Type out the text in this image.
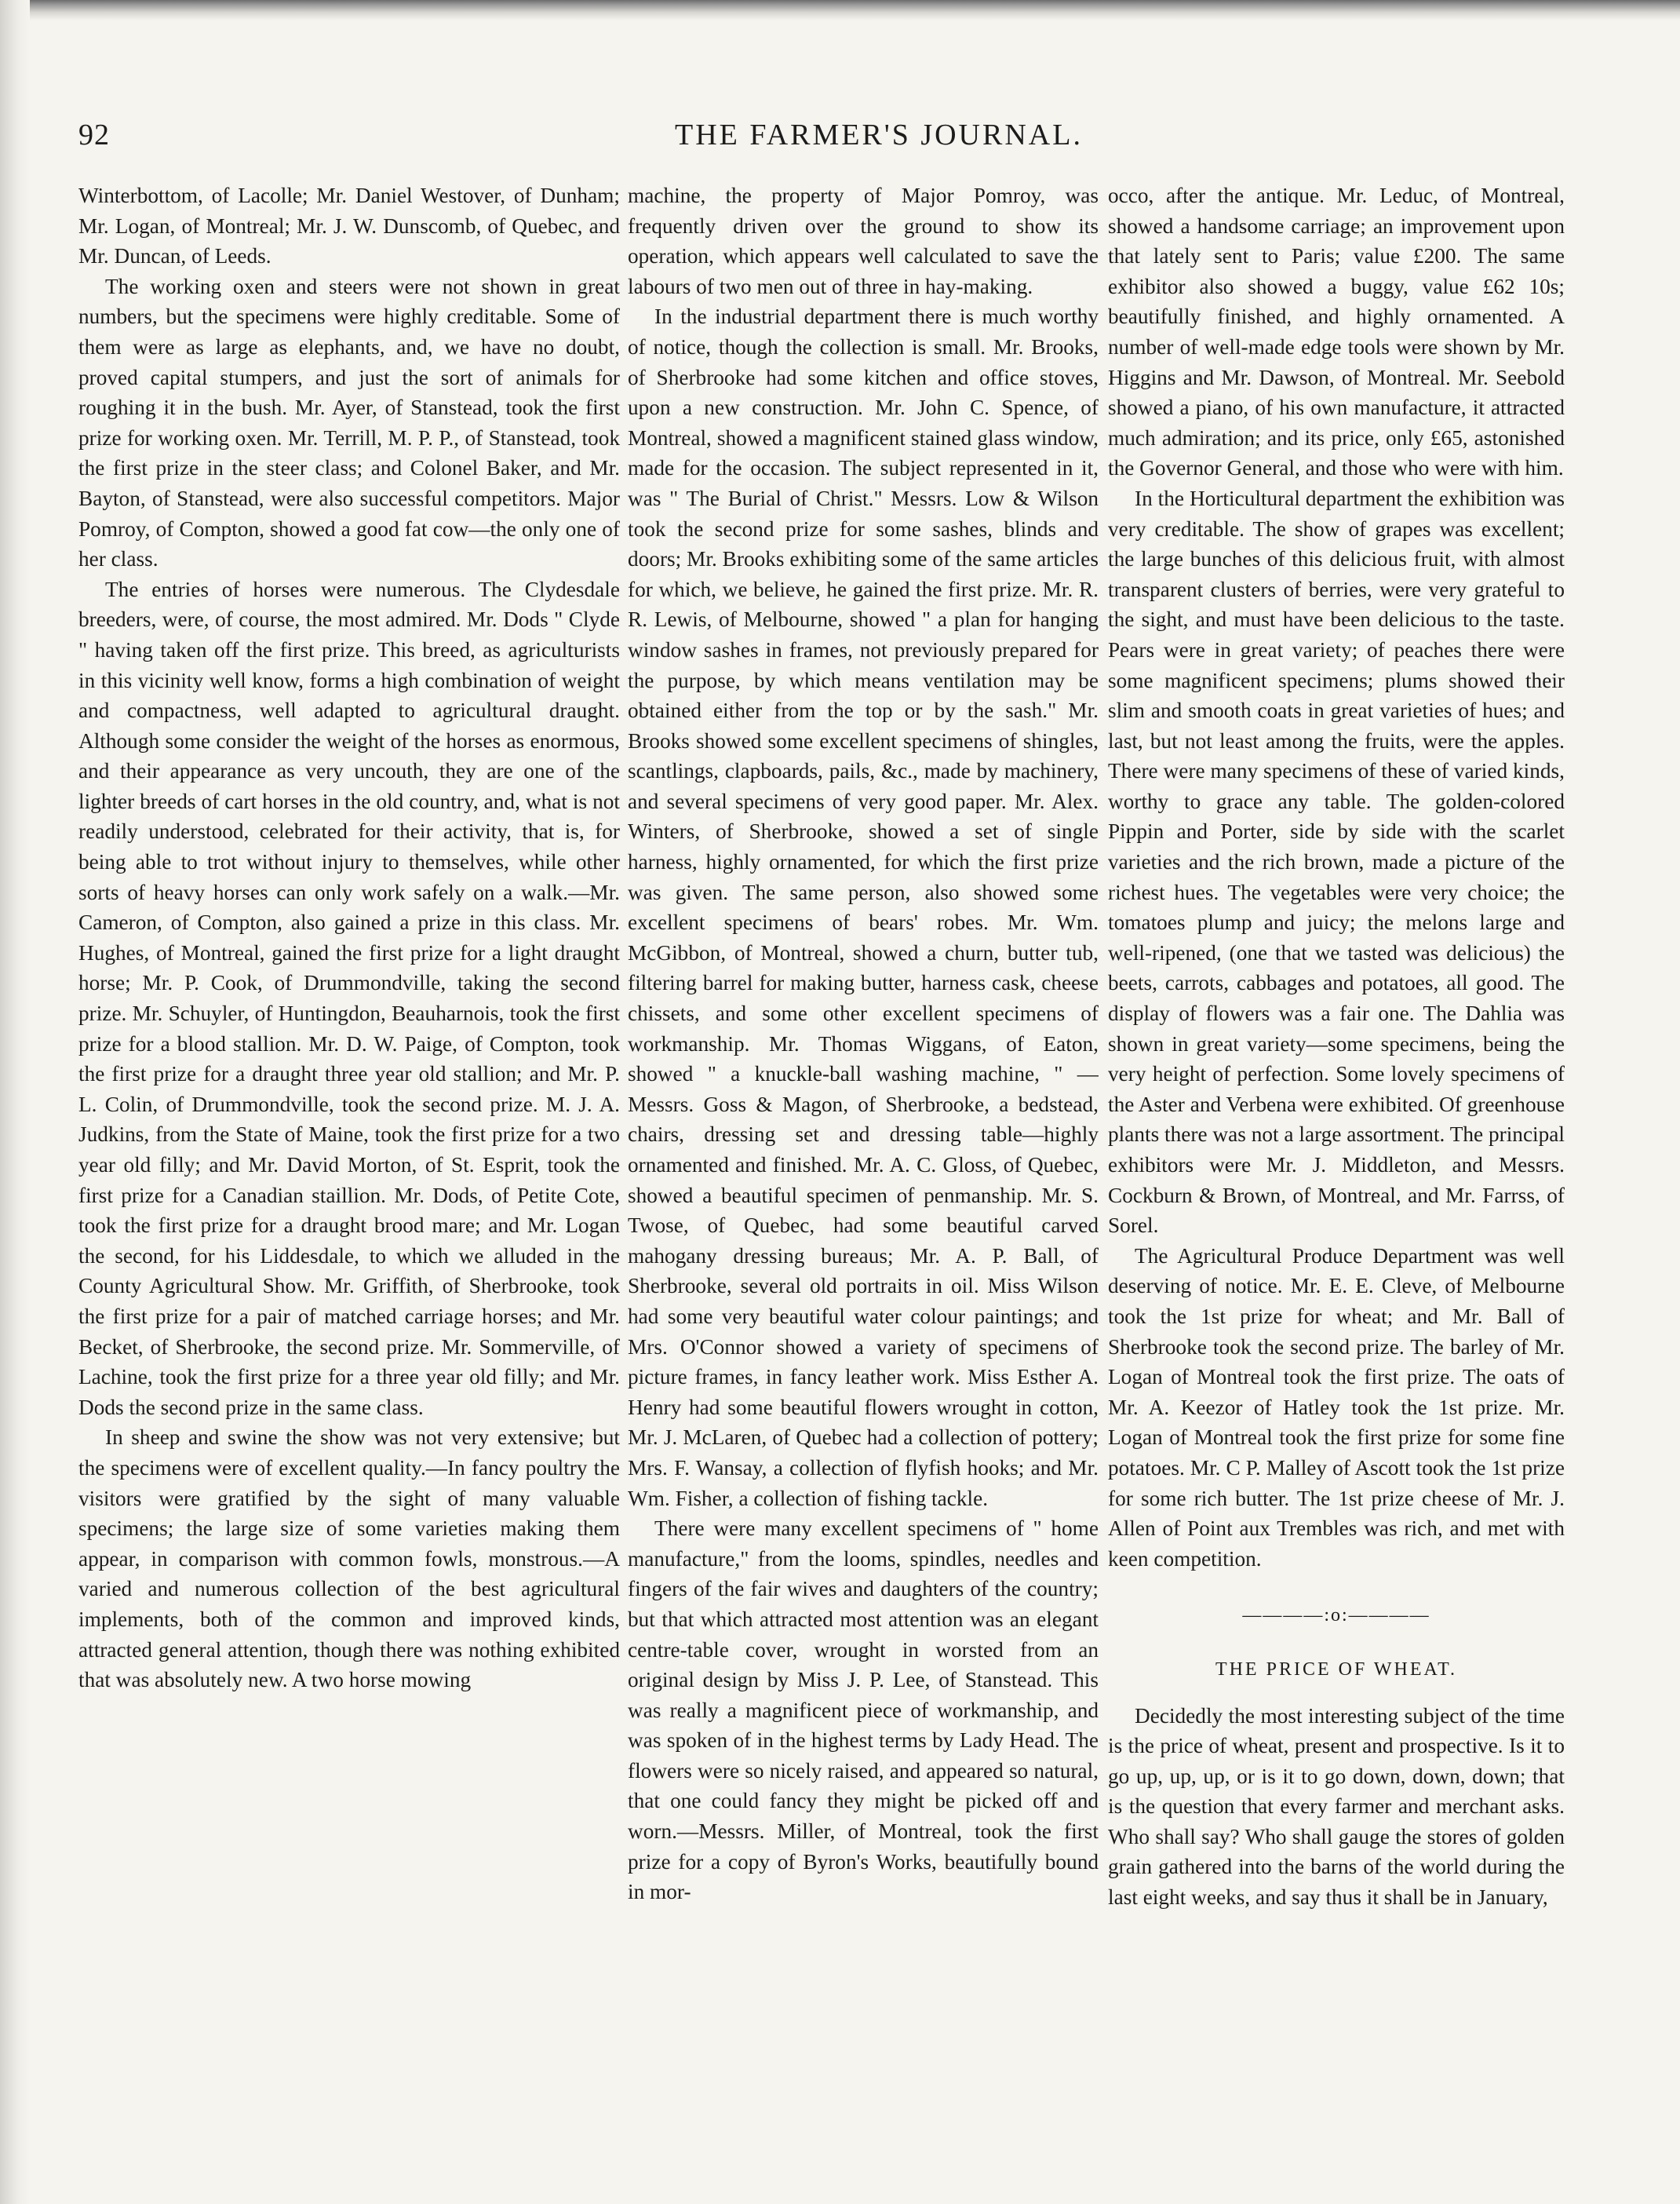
92	THE FARMER'S JOURNAL.

Winterbottom, of Lacolle; Mr. Daniel Westover, of Dunham; Mr. Logan, of Montreal; Mr. J. W. Dunscomb, of Quebec, and Mr. Duncan, of Leeds.

The working oxen and steers were not shown in great numbers, but the specimens were highly creditable. Some of them were as large as elephants, and, we have no doubt, proved capital stumpers, and just the sort of animals for roughing it in the bush. Mr. Ayer, of Stanstead, took the first prize for working oxen. Mr. Terrill, M. P. P., of Stanstead, took the first prize in the steer class; and Colonel Baker, and Mr. Bayton, of Stanstead, were also successful competitors. Major Pomroy, of Compton, showed a good fat cow—the only one of her class.

The entries of horses were numerous. The Clydesdale breeders, were, of course, the most admired. Mr. Dods " Clyde " having taken off the first prize. This breed, as agriculturists in this vicinity well know, forms a high combination of weight and compactness, well adapted to agricultural draught. Although some consider the weight of the horses as enormous, and their appearance as very uncouth, they are one of the lighter breeds of cart horses in the old country, and, what is not readily understood, celebrated for their activity, that is, for being able to trot without injury to themselves, while other sorts of heavy horses can only work safely on a walk.—Mr. Cameron, of Compton, also gained a prize in this class. Mr. Hughes, of Montreal, gained the first prize for a light draught horse; Mr. P. Cook, of Drummondville, taking the second prize. Mr. Schuyler, of Huntingdon, Beauharnois, took the first prize for a blood stallion. Mr. D. W. Paige, of Compton, took the first prize for a draught three year old stallion; and Mr. P. L. Colin, of Drummondville, took the second prize. M. J. A. Judkins, from the State of Maine, took the first prize for a two year old filly; and Mr. David Morton, of St. Esprit, took the first prize for a Canadian staillion. Mr. Dods, of Petite Cote, took the first prize for a draught brood mare; and Mr. Logan the second, for his Liddesdale, to which we alluded in the County Agricultural Show. Mr. Griffith, of Sherbrooke, took the first prize for a pair of matched carriage horses; and Mr. Becket, of Sherbrooke, the second prize. Mr. Sommerville, of Lachine, took the first prize for a three year old filly; and Mr. Dods the second prize in the same class.

In sheep and swine the show was not very extensive; but the specimens were of excellent quality.—In fancy poultry the visitors were gratified by the sight of many valuable specimens; the large size of some varieties making them appear, in comparison with common fowls, monstrous.—A varied and numerous collection of the best agricultural implements, both of the common and improved kinds, attracted general attention, though there was nothing exhibited that was absolutely new. A two horse mowing

machine, the property of Major Pomroy, was frequently driven over the ground to show its operation, which appears well calculated to save the labours of two men out of three in hay-making.

In the industrial department there is much worthy of notice, though the collection is small. Mr. Brooks, of Sherbrooke had some kitchen and office stoves, upon a new construction. Mr. John C. Spence, of Montreal, showed a magnificent stained glass window, made for the occasion. The subject represented in it, was " The Burial of Christ." Messrs. Low & Wilson took the second prize for some sashes, blinds and doors; Mr. Brooks exhibiting some of the same articles for which, we believe, he gained the first prize. Mr. R. R. Lewis, of Melbourne, showed " a plan for hanging window sashes in frames, not previously prepared for the purpose, by which means ventilation may be obtained either from the top or by the sash." Mr. Brooks showed some excellent specimens of shingles, scantlings, clapboards, pails, &c., made by machinery, and several specimens of very good paper. Mr. Alex. Winters, of Sherbrooke, showed a set of single harness, highly ornamented, for which the first prize was given. The same person, also showed some excellent specimens of bears' robes. Mr. Wm. McGibbon, of Montreal, showed a churn, butter tub, filtering barrel for making butter, harness cask, cheese chissets, and some other excellent specimens of workmanship. Mr. Thomas Wiggans, of Eaton, showed " a knuckle-ball washing machine, " — Messrs. Goss & Magon, of Sherbrooke, a bedstead, chairs, dressing set and dressing table—highly ornamented and finished. Mr. A. C. Gloss, of Quebec, showed a beautiful specimen of penmanship. Mr. S. Twose, of Quebec, had some beautiful carved mahogany dressing bureaus; Mr. A. P. Ball, of Sherbrooke, several old portraits in oil. Miss Wilson had some very beautiful water colour paintings; and Mrs. O'Connor showed a variety of specimens of picture frames, in fancy leather work. Miss Esther A. Henry had some beautiful flowers wrought in cotton, Mr. J. McLaren, of Quebec had a collection of pottery; Mrs. F. Wansay, a collection of flyfish hooks; and Mr. Wm. Fisher, a collection of fishing tackle.

There were many excellent specimens of " home manufacture," from the looms, spindles, needles and fingers of the fair wives and daughters of the country; but that which attracted most attention was an elegant centre-table cover, wrought in worsted from an original design by Miss J. P. Lee, of Stanstead. This was really a magnificent piece of workmanship, and was spoken of in the highest terms by Lady Head. The flowers were so nicely raised, and appeared so natural, that one could fancy they might be picked off and worn.—Messrs. Miller, of Montreal, took the first prize for a copy of Byron's Works, beautifully bound in mor-

occo, after the antique. Mr. Leduc, of Montreal, showed a handsome carriage; an improvement upon that lately sent to Paris; value £200. The same exhibitor also showed a buggy, value £62 10s; beautifully finished, and highly ornamented. A number of well-made edge tools were shown by Mr. Higgins and Mr. Dawson, of Montreal. Mr. Seebold showed a piano, of his own manufacture, it attracted much admiration; and its price, only £65, astonished the Governor General, and those who were with him.

In the Horticultural department the exhibition was very creditable. The show of grapes was excellent; the large bunches of this delicious fruit, with almost transparent clusters of berries, were very grateful to the sight, and must have been delicious to the taste. Pears were in great variety; of peaches there were some magnificent specimens; plums showed their slim and smooth coats in great varieties of hues; and last, but not least among the fruits, were the apples. There were many specimens of these of varied kinds, worthy to grace any table. The golden-colored Pippin and Porter, side by side with the scarlet varieties and the rich brown, made a picture of the richest hues. The vegetables were very choice; the tomatoes plump and juicy; the melons large and well-ripened, (one that we tasted was delicious) the beets, carrots, cabbages and potatoes, all good. The display of flowers was a fair one. The Dahlia was shown in great variety—some specimens, being the very height of perfection. Some lovely specimens of the Aster and Verbena were exhibited. Of greenhouse plants there was not a large assortment. The principal exhibitors were Mr. J. Middleton, and Messrs. Cockburn & Brown, of Montreal, and Mr. Farrss, of Sorel.

The Agricultural Produce Department was well deserving of notice. Mr. E. E. Cleve, of Melbourne took the 1st prize for wheat; and Mr. Ball of Sherbrooke took the second prize. The barley of Mr. Logan of Montreal took the first prize. The oats of Mr. A. Keezor of Hatley took the 1st prize. Mr. Logan of Montreal took the first prize for some fine potatoes. Mr. C P. Malley of Ascott took the 1st prize for some rich butter. The 1st prize cheese of Mr. J. Allen of Point aux Trembles was rich, and met with keen competition.

————:o:————
THE PRICE OF WHEAT.

Decidedly the most interesting subject of the time is the price of wheat, present and prospective. Is it to go up, up, up, or is it to go down, down, down; that is the question that every farmer and merchant asks. Who shall say? Who shall gauge the stores of golden grain gathered into the barns of the world during the last eight weeks, and say thus it shall be in January,
